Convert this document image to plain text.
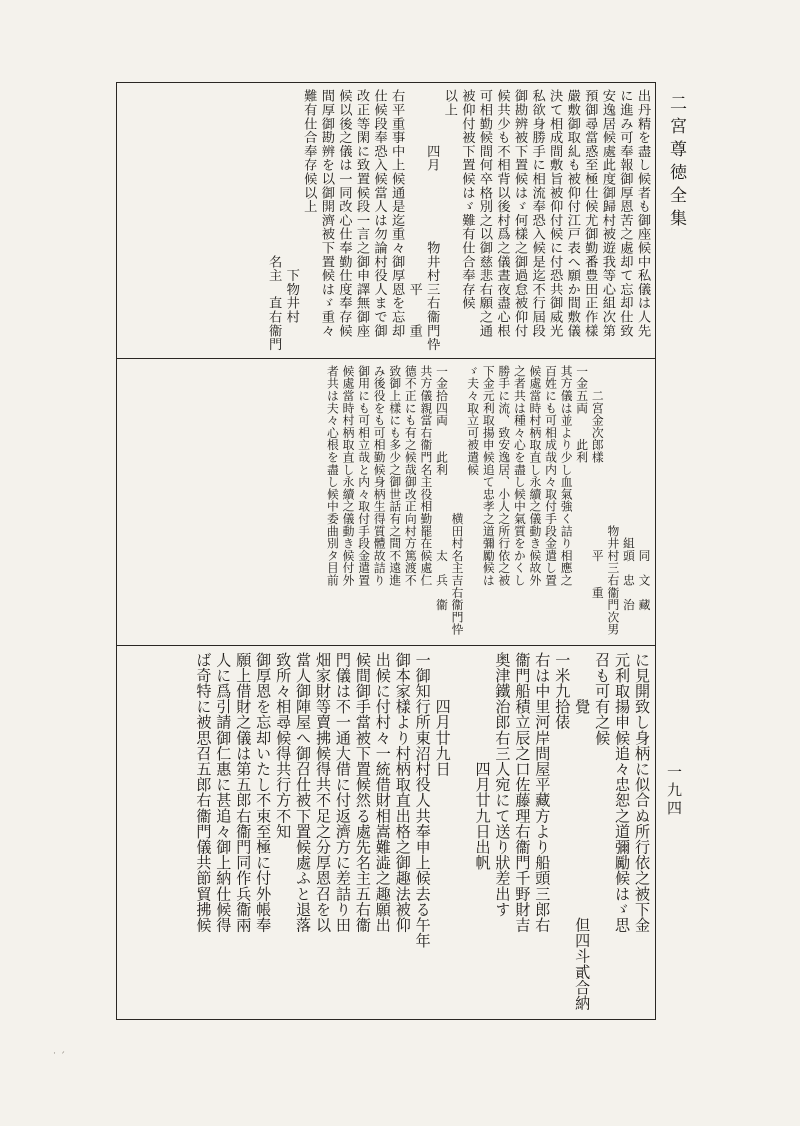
二宮尊徳全集
一九四
出丹精を盡し候者も御座候中私儀は人先
に進み可奉報御厚恩苦之處却て忘却仕致
安逸居候處此度御歸村被遊我等心組次第
預御尋當惑至極仕候尤御勤番豊田正作樣
嚴敷御取糺も被仰付江戸表へ願か間敷儀
決て相成間敷旨被仰付候に付恐共御威光
私欲身勝手に相流奉恐入候是迄不行屆段
御勘辨被下置候はゞ何樣之御過怠被仰付
候共少も不相背以後村爲之儀晝夜盡心根
可相勤候間何卒格別之以御慈悲右願之通
被仰付被下置候はゞ難有仕合奉存候
以上
　　　　四月　　　　　物井村三右衞門忰
　　　　　　　　　　　　　　平　　重
右平重事中上候通是迄重々御厚恩を忘却
仕候段奉恐入候當人は勿論村役人まで御
改正等閑に致置候段一言之御申譯無御座
候以後之儀は一同改心仕奉勤仕度奉存候
間厚御勘辨を以御開濟被下置候はゞ重々
難有仕合奉存候以上
　　　　　　　　　　　　　下物井村
　　　　　　　　　　　　名主　直右衞門
　　　　　　　　　　　　　　　同　文　藏
　　　　　　　　　　　　　　組頭　忠　治
　　　　　　　　　　　　　物井村三右衞門次男
　　二宮金次郎樣　　　　　　　平　　重
一金五両　　此利
其方儀は並より少し血氣強く詰り相應之
百姓にも可相成哉内々取付手段金遣し置
候處當時村柄取直し永續之儀動き候故外
之者共は種々心を盡し候中氣質をかくし
勝手に流、致安逸居、小人之所行依之被
下金元利取揚申候追て忠孝之道彌勵候は
ゞ夫々取立可被遣候
　　　　　　　　　　　　横田村名主吉右衞門忰
一金拾四両　　此利　　　　　　太　兵　衞
共方儀親當右衞門名主役相勤罷在候處仁
德不正にも有之候哉御改正向村方篤渡不
致御上樣にも多少之御世話有之間不遠進
み後役をも可相勤候身柄生得質體故詰り
御用にも可相立哉と内々取付手段金遣置
候處當時村柄取直し永續之儀動き候付外
者共は夫々心根を盡し候中委曲別タ目前
に見開致し身柄に似合ぬ所行依之被下金
元利取揚申候追々忠恕之道彌勵候はゞ思
召も可有之候
　　　覺　　　　　　　　　　　　　但四斗貳合納
一米九拾俵
右は中里河岸問屋平藏方より船頭三郎右
衞門船積立辰之口佐藤理右衞門千野財吉
奥津鐵治郎右三人宛にて送り狀差出す
　　　　　　　四月廿九日出帆
　　　四月廿九日
一御知行所東沼村役人共奉申上候去る午年
御本家樣より村柄取直出格之御趣法被仰
出候に付村々一統借財相嵩難澁之趣願出
候間御手當被下置候然る處先名主五右衞
門儀は不一通大借に付返濟方に差詰り田
畑家財等賣拂候得共不足之分厚恩召を以
當人御陣屋へ御召仕被下置候處ふと退落
致所々相尋候得共行方不知
御厚恩を忘却いたし不束至極に付外帳奉
願上借財之儀は第五郎右衞門同作兵衞兩
人に爲引請御仁惠に甚追々御上納仕候得
ば奇特に被思召五郎右衞門儀共節貿拂候
˙ ˊ
